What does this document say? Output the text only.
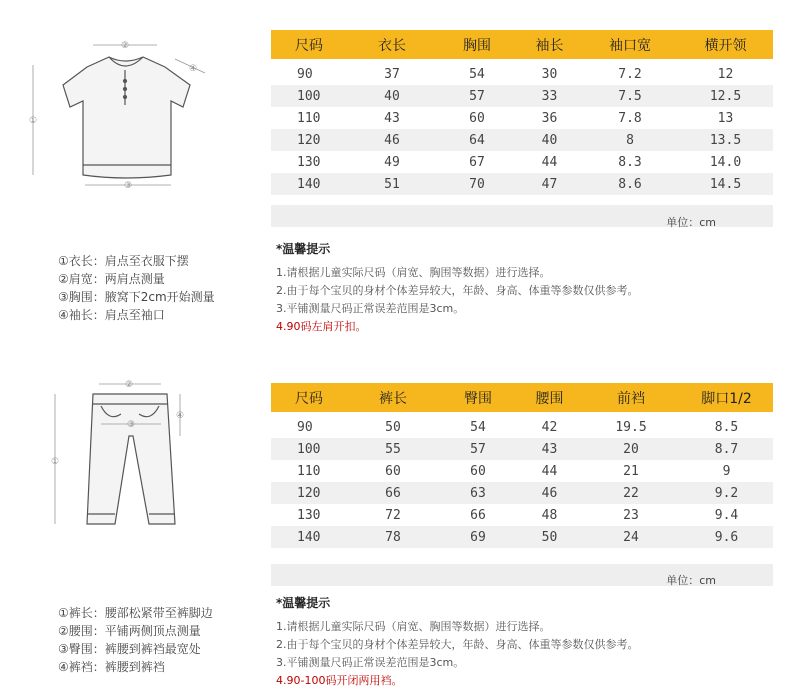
②
①
③
④
①衣长：肩点至衣服下摆
②肩宽：两肩点测量
③胸围：腋窝下2cm开始测量
④袖长：肩点至袖口
尺码	衣长	胸围	袖长	袖口宽	横开领
90	37	54	30	7.2	12
100	40	57	33	7.5	12.5
110	43	60	36	7.8	13
120	46	64	40	8	13.5
130	49	67	44	8.3	14.0
140	51	70	47	8.6	14.5
单位：cm
*温馨提示
1.请根据儿童实际尺码（肩宽、胸围等数据）进行选择。
2.由于每个宝贝的身材个体差异较大，年龄、身高、体重等参数仅供参考。
3.平铺测量尺码正常误差范围是3cm。
4.90码左肩开扣。
①
②
③
④
①裤长：腰部松紧带至裤脚边
②腰围：平铺两侧顶点测量
③臀围：裤腰到裤裆最宽处
④裤裆：裤腰到裤裆
尺码	裤长	臀围	腰围	前裆	脚口1/2
90	50	54	42	19.5	8.5
100	55	57	43	20	8.7
110	60	60	44	21	9
120	66	63	46	22	9.2
130	72	66	48	23	9.4
140	78	69	50	24	9.6
单位：cm
*温馨提示
1.请根据儿童实际尺码（肩宽、胸围等数据）进行选择。
2.由于每个宝贝的身材个体差异较大，年龄、身高、体重等参数仅供参考。
3.平铺测量尺码正常误差范围是3cm。
4.90-100码开闭两用裆。
